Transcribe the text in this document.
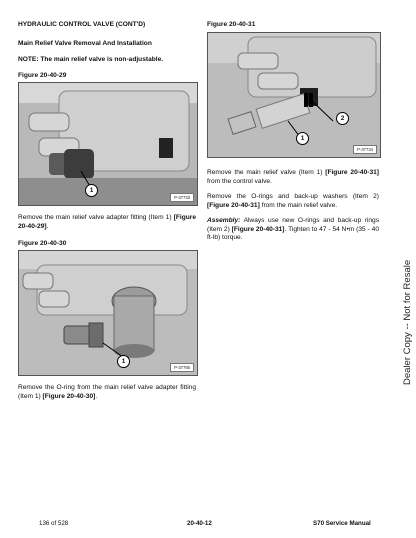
HYDRAULIC CONTROL VALVE (CONT'D)
Main Relief Valve Removal And Installation
NOTE: The main relief valve is non-adjustable.
Figure 20-40-29
1
P-37733
Remove the main relief valve adapter fitting (Item 1) [Figure 20-40-29].
Figure 20-40-30
1
P-37765
Remove the O-ring from the main relief valve adapter fitting (Item 1) [Figure 20-40-30].
Figure 20-40-31
2
1
P-37734
Remove the main relief valve (Item 1) [Figure 20-40-31] from the control valve.
Remove the O-rings and back-up washers (Item 2) [Figure 20-40-31] from the main relief valve.
Assembly: Always use new O-rings and back-up rings (Item 2) [Figure 20-40-31]. Tighten to 47 - 54 N•m (35 - 40 ft-lb) torque.
Dealer Copy -- Not for Resale
136 of 528	20-40-12	S70 Service Manual
